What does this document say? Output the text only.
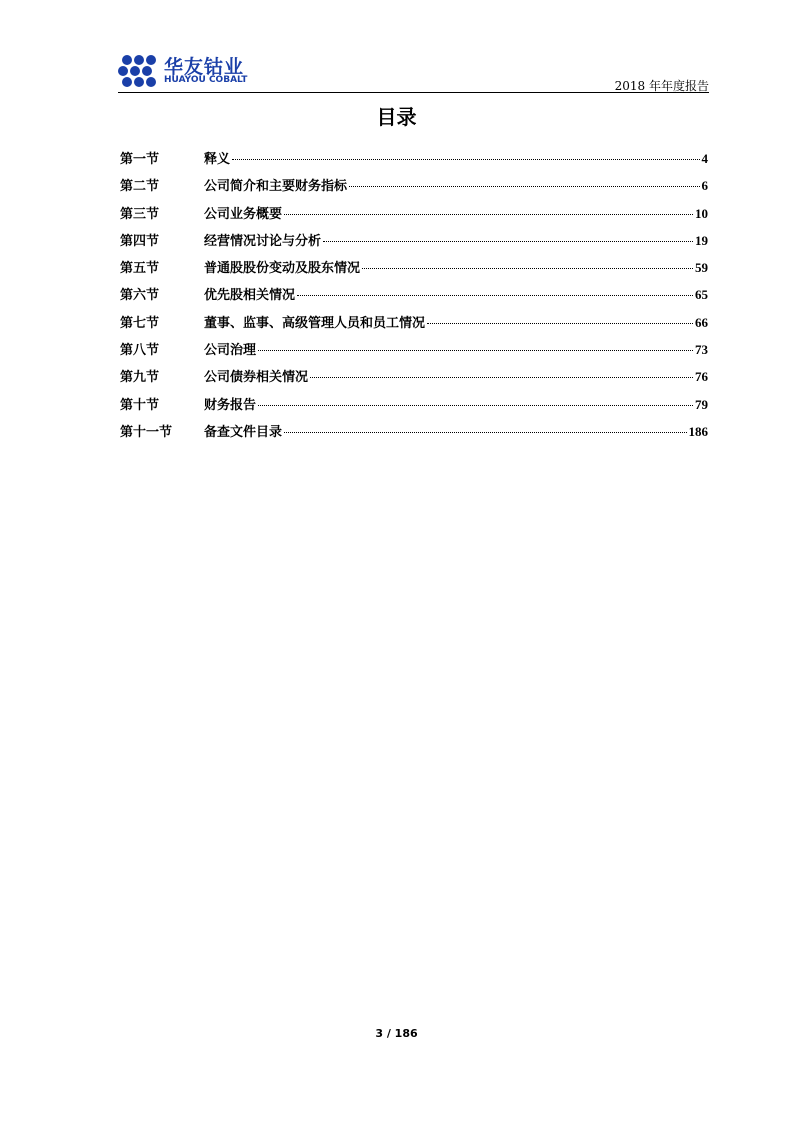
华友钴业
HUAYOU COBALT	2018 年年度报告
目录
第一节	释义	4
第二节	公司简介和主要财务指标	6
第三节	公司业务概要	10
第四节	经营情况讨论与分析	19
第五节	普通股股份变动及股东情况	59
第六节	优先股相关情况	65
第七节	董事、监事、高级管理人员和员工情况	66
第八节	公司治理	73
第九节	公司债券相关情况	76
第十节	财务报告	79
第十一节	备查文件目录	186
3 / 186
